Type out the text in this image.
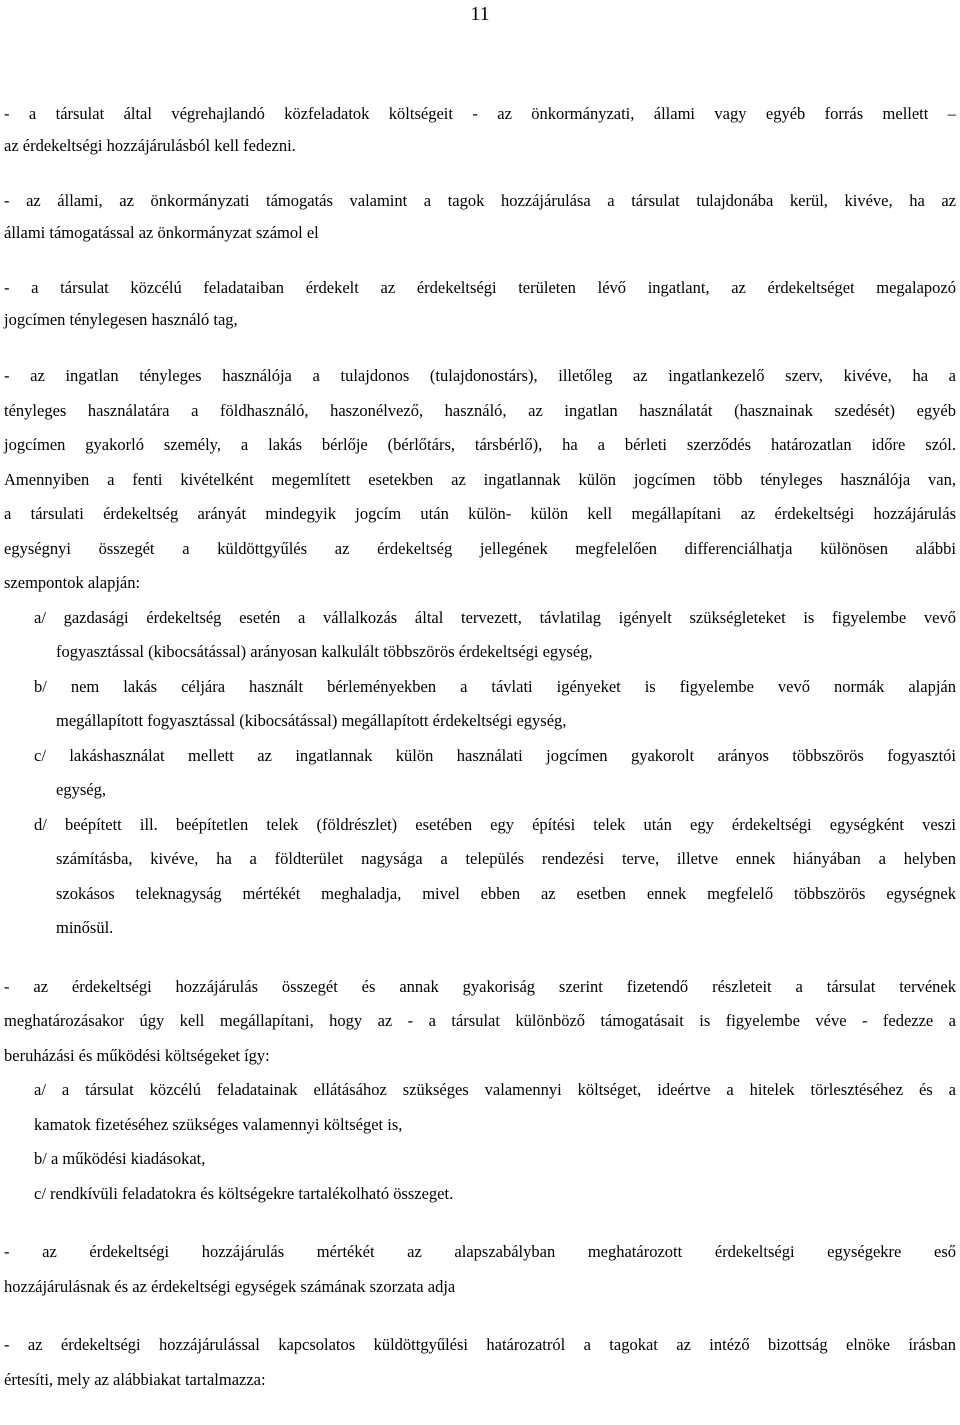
11

- a társulat által végrehajlandó közfeladatok költségeit - az önkormányzati, állami vagy egyéb forrás mellett –

az érdekeltségi hozzájárulásból kell fedezni.

- az állami, az önkormányzati támogatás valamint a tagok hozzájárulása a társulat tulajdonába kerül, kivéve, ha az

állami támogatással az önkormányzat számol el

- a társulat közcélú feladataiban érdekelt az érdekeltségi területen lévő ingatlant, az érdekeltséget megalapozó

jogcímen ténylegesen használó tag,

- az ingatlan tényleges használója a tulajdonos (tulajdonostárs), illetőleg az ingatlankezelő szerv, kivéve, ha a

tényleges használatára a földhasználó, haszonélvező, használó, az ingatlan használatát (hasznainak szedését) egyéb

jogcímen gyakorló személy, a lakás bérlője (bérlőtárs, társbérlő), ha a bérleti szerződés határozatlan időre szól.

Amennyiben a fenti kivételként megemlített esetekben az ingatlannak külön jogcímen több tényleges használója van,

a társulati érdekeltség arányát mindegyik jogcím után külön- külön kell megállapítani az érdekeltségi hozzájárulás

egységnyi összegét a küldöttgyűlés az érdekeltség jellegének megfelelően differenciálhatja különösen alábbi

szempontok alapján:

a/ gazdasági érdekeltség esetén a vállalkozás által tervezett, távlatilag igényelt szükségleteket is figyelembe vevő

fogyasztással (kibocsátással) arányosan kalkulált többszörös érdekeltségi egység,

b/ nem lakás céljára használt bérleményekben a távlati igényeket is figyelembe vevő normák alapján

megállapított fogyasztással (kibocsátással) megállapított érdekeltségi egység,

c/ lakáshasználat mellett az ingatlannak külön használati jogcímen gyakorolt arányos többszörös fogyasztói

egység,

d/ beépített ill. beépítetlen telek (földrészlet) esetében egy építési telek után egy érdekeltségi egységként veszi

számításba, kivéve, ha a földterület nagysága a település rendezési terve, illetve ennek hiányában a helyben

szokásos teleknagyság mértékét meghaladja, mivel ebben az esetben ennek megfelelő többszörös egységnek

minősül.

- az érdekeltségi hozzájárulás összegét és annak gyakoriság szerint fizetendő részleteit a társulat tervének

meghatározásakor úgy kell megállapítani, hogy az - a társulat különböző támogatásait is figyelembe véve - fedezze a

beruházási és működési költségeket így:

a/ a társulat közcélú feladatainak ellátásához szükséges valamennyi költséget, ideértve a hitelek törlesztéséhez és a

kamatok fizetéséhez szükséges valamennyi költséget is,

b/ a működési kiadásokat,

c/ rendkívüli feladatokra és költségekre tartalékolható összeget.

- az érdekeltségi hozzájárulás mértékét az alapszabályban meghatározott érdekeltségi egységekre eső

hozzájárulásnak és az érdekeltségi egységek számának szorzata adja

- az érdekeltségi hozzájárulással kapcsolatos küldöttgyűlési határozatról a tagokat az intéző bizottság elnöke írásban

értesíti, mely az alábbiakat tartalmazza:
